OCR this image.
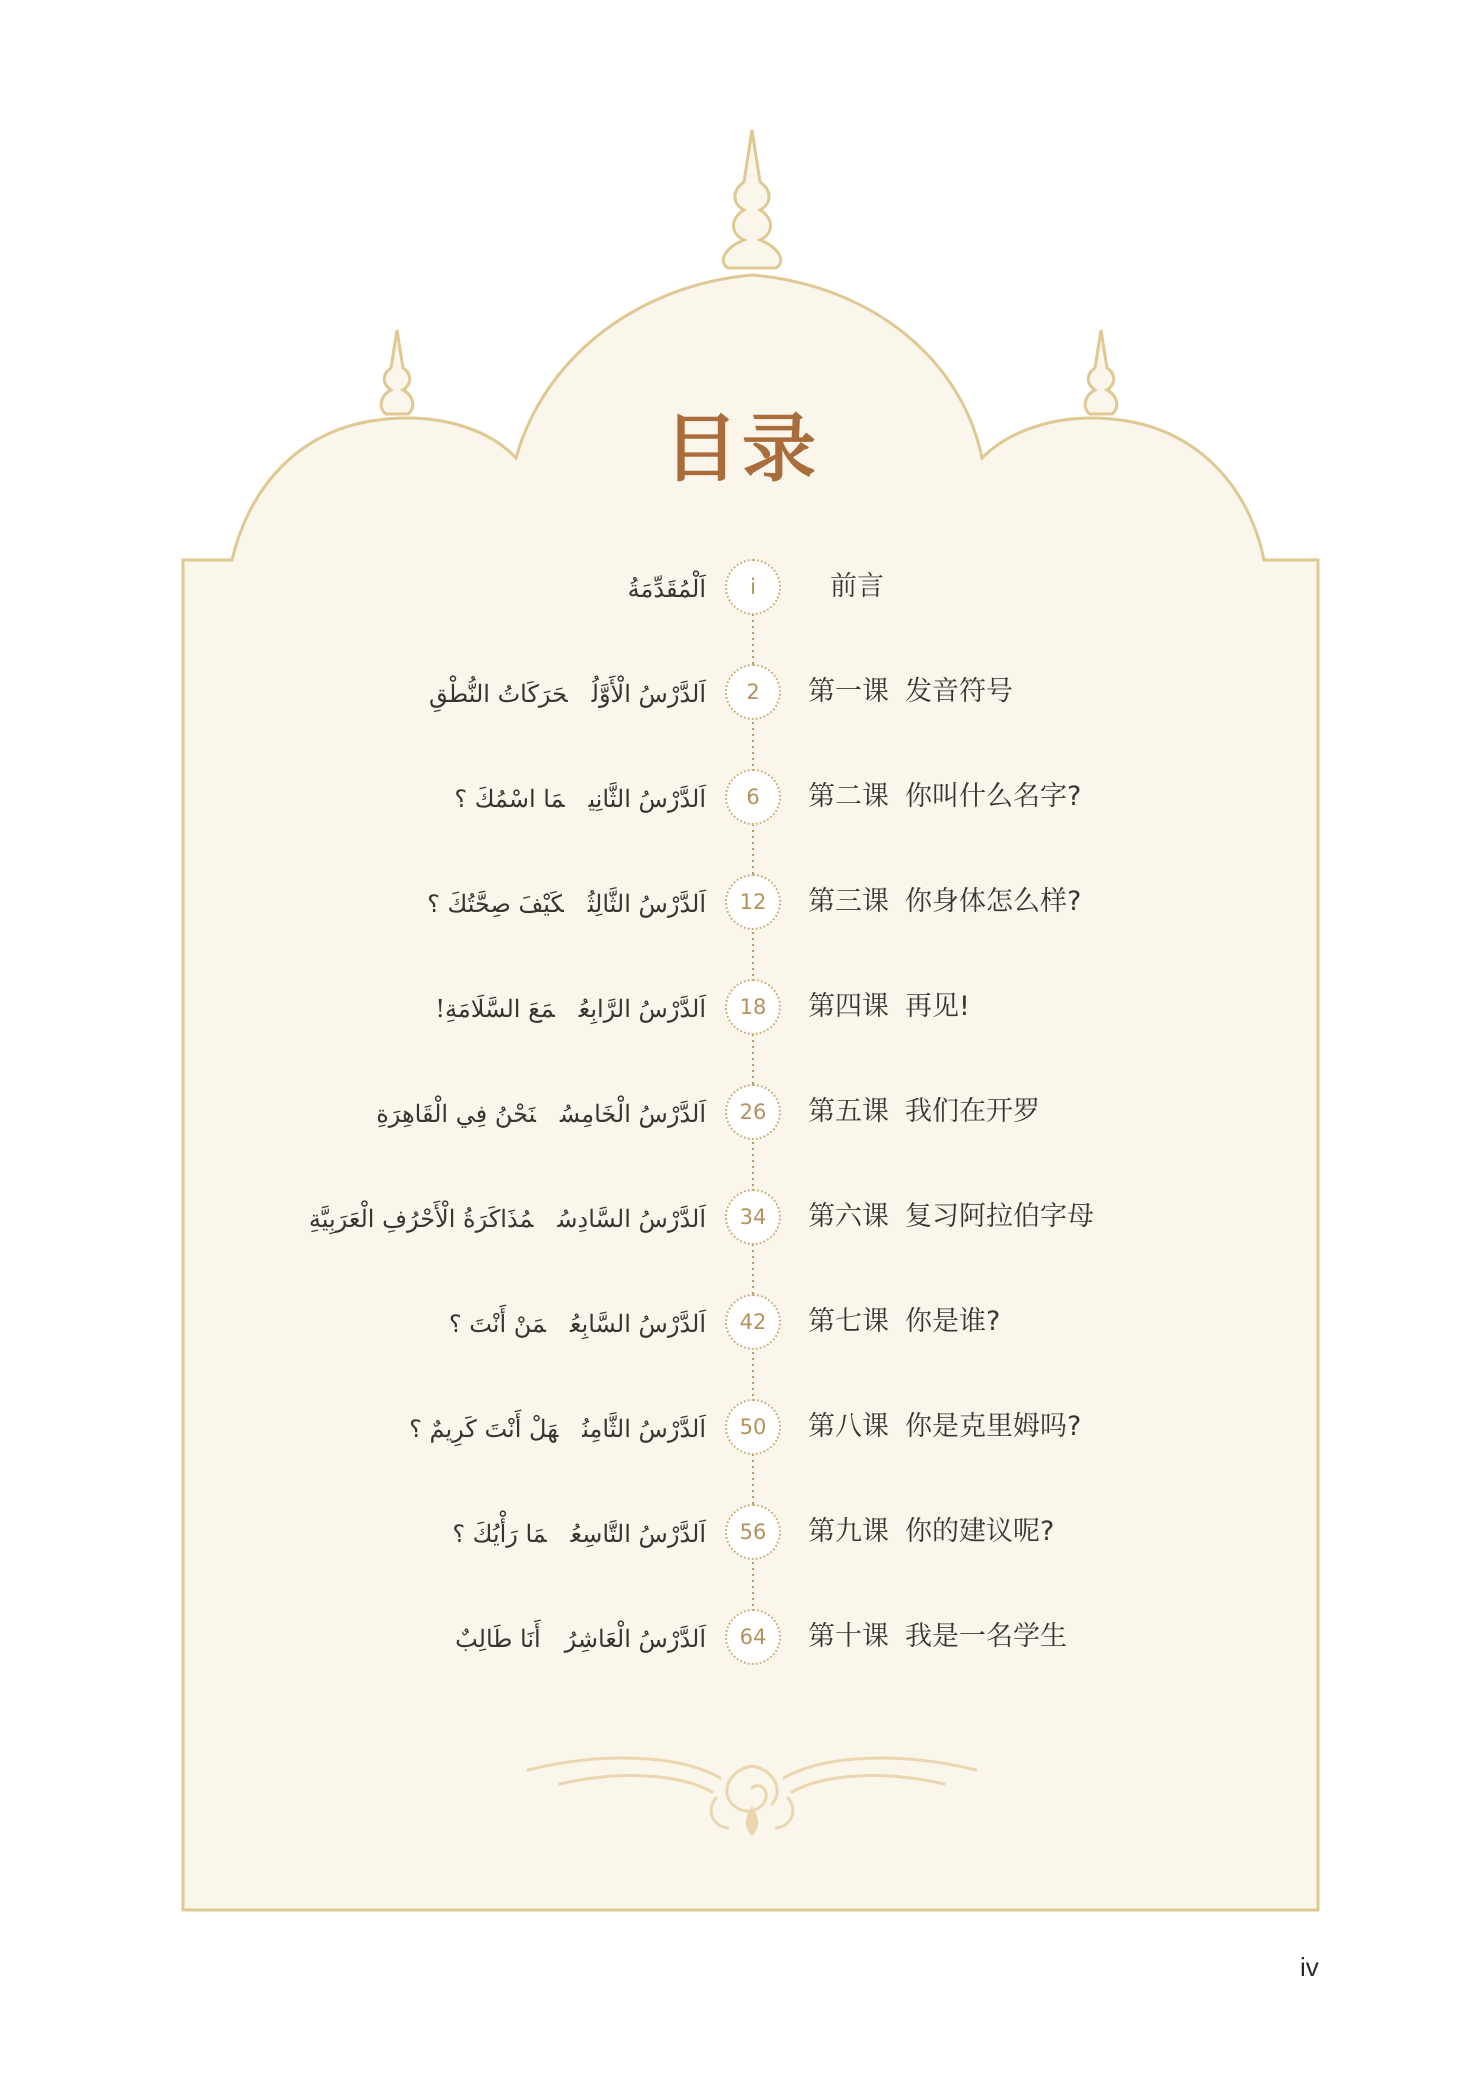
目录
اَلْمُقَدِّمَةُ	i	前言
اَلدَّرْسُ الْأَوَّلُحَرَكَاتُ النُّطْقِ	2	第一课 发音符号
اَلدَّرْسُ الثَّانِيمَا اسْمُكَ ؟	6	第二课 你叫什么名字?
اَلدَّرْسُ الثَّالِثُكَيْفَ صِحَّتُكَ ؟	12	第三课 你身体怎么样?
اَلدَّرْسُ الرَّابِعُمَعَ السَّلَامَةِ!	18	第四课 再见!
اَلدَّرْسُ الْخَامِسُنَحْنُ فِي الْقَاهِرَةِ	26	第五课 我们在开罗
اَلدَّرْسُ السَّادِسُمُذَاكَرَةُ الْأَحْرُفِ الْعَرَبِيَّةِ	34	第六课 复习阿拉伯字母
اَلدَّرْسُ السَّابِعُمَنْ أَنْتَ ؟	42	第七课 你是谁?
اَلدَّرْسُ الثَّامِنُهَلْ أَنْتَ كَرِيمٌ ؟	50	第八课 你是克里姆吗?
اَلدَّرْسُ التَّاسِعُمَا رَأْيُكَ ؟	56	第九课 你的建议呢?
اَلدَّرْسُ الْعَاشِرُأَنَا طَالِبٌ	64	第十课 我是一名学生
iv
